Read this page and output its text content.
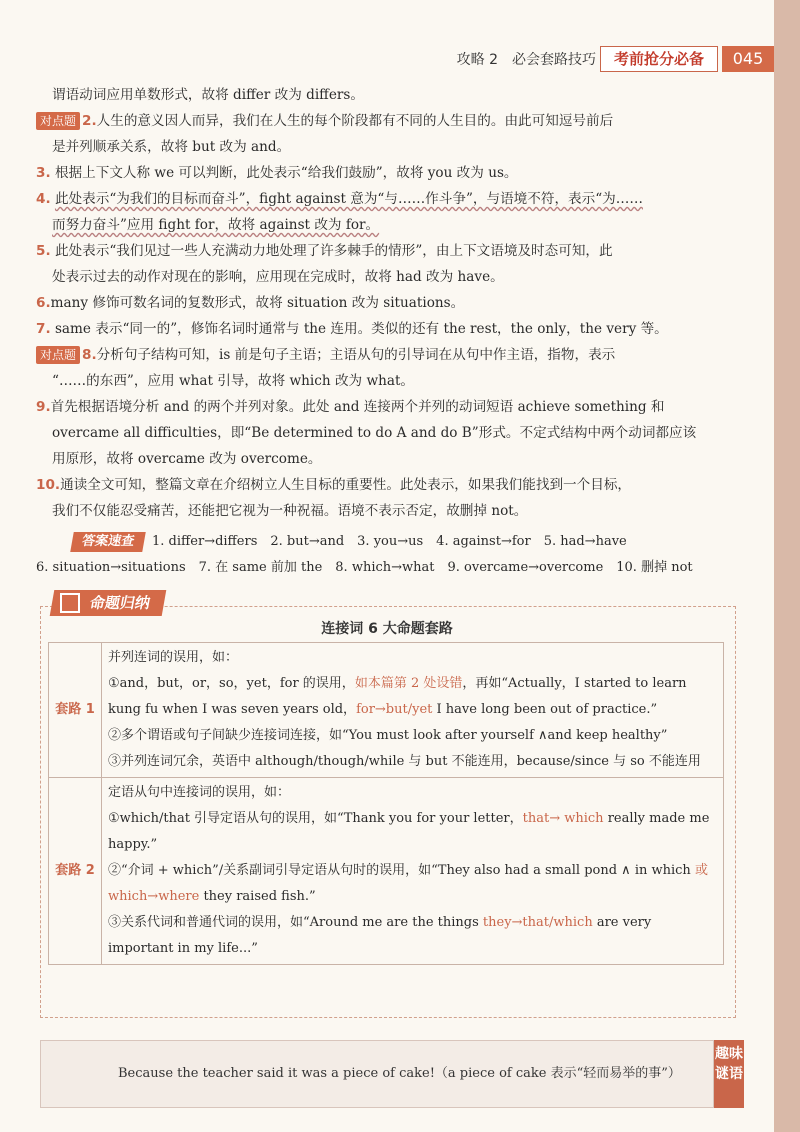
攻略 2　必会套路技巧	考前抢分必备	045

谓语动词应用单数形式，故将 differ 改为 differs。

对点题 2.人生的意义因人而异，我们在人生的每个阶段都有不同的人生目的。由此可知逗号前后

是并列顺承关系，故将 but 改为 and。

3. 根据上下文人称 we 可以判断，此处表示“给我们鼓励”，故将 you 改为 us。

4. 此处表示“为我们的目标而奋斗”，fight against 意为“与……作斗争”，与语境不符，表示“为……

而努力奋斗”应用 fight for，故将 against 改为 for。

5. 此处表示“我们见过一些人充满动力地处理了许多棘手的情形”，由上下文语境及时态可知，此

处表示过去的动作对现在的影响，应用现在完成时，故将 had 改为 have。

6.many 修饰可数名词的复数形式，故将 situation 改为 situations。

7. same 表示“同一的”，修饰名词时通常与 the 连用。类似的还有 the rest，the only，the very 等。

对点题 8.分析句子结构可知，is 前是句子主语；主语从句的引导词在从句中作主语，指物，表示

“……的东西”，应用 what 引导，故将 which 改为 what。

9.首先根据语境分析 and 的两个并列对象。此处 and 连接两个并列的动词短语 achieve something 和

overcame all difficulties，即“Be determined to do A and do B”形式。不定式结构中两个动词都应该

用原形，故将 overcame 改为 overcome。

10.通读全文可知，整篇文章在介绍树立人生目标的重要性。此处表示，如果我们能找到一个目标，

我们不仅能忍受痛苦，还能把它视为一种祝福。语境不表示否定，故删掉 not。

答案速查 1. differ→differs　2. but→and　3. you→us　4. against→for　5. had→have
6. situation→situations　7. 在 same 前加 the　8. which→what　9. overcame→overcome　10. 删掉 not
命题归纳
连接词 6 大命题套路
套路 1	并列连词的误用，如：
①and，but，or，so，yet，for 的误用，如本篇第 2 处设错，再如“Actually，I started to learn kung fu when I was seven years old，for→but/yet I have long been out of practice.”
②多个谓语或句子间缺少连接词连接，如“You must look after yourself ∧and keep healthy”
③并列连词冗余，英语中 although/though/while 与 but 不能连用，because/since 与 so 不能连用

套路 2	定语从句中连接词的误用，如：
①which/that 引导定语从句的误用，如“Thank you for your letter，that→ which really made me happy.”
②“介词 + which”/关系副词引导定语从句时的误用，如“They also had a small pond ∧ in which 或 which→where they raised fish.”
③关系代词和普通代词的误用，如“Around me are the things they→that/which are very important in my life...”
Because the teacher said it was a piece of cake!（a piece of cake 表示“轻而易举的事”）
趣味谜语
